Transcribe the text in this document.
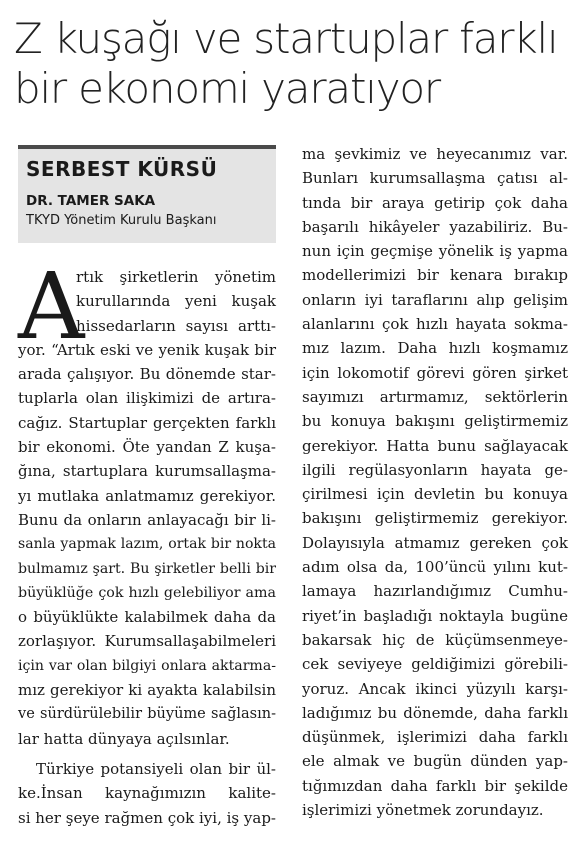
Z kuşağı ve startuplar farklı
bir ekonomi yaratıyor
SERBEST KÜRSÜ
DR. TAMER SAKA
TKYD Yönetim Kurulu Başkanı
A
rtık şirketlerin yönetim
kurullarında yeni kuşak
hissedarların sayısı arttı-
yor. “Artık eski ve yenik kuşak bir
arada çalışıyor. Bu dönemde star-
tuplarla olan ilişkimizi de artıra-
cağız. Startuplar gerçekten farklı
bir ekonomi. Öte yandan Z kuşa-
ğına, startuplara kurumsallaşma-
yı mutlaka anlatmamız gerekiyor.
Bunu da onların anlayacağı bir li-
sanla yapmak lazım, ortak bir nokta
bulmamız şart. Bu şirketler belli bir
büyüklüğe çok hızlı gelebiliyor ama
o büyüklükte kalabilmek daha da
zorlaşıyor. Kurumsallaşabilmeleri
için var olan bilgiyi onlara aktarma-
mız gerekiyor ki ayakta kalabilsin
ve sürdürülebilir büyüme sağlasın-
lar hatta dünyaya açılsınlar.
Türkiye potansiyeli olan bir ül-
ke.İnsan kaynağımızın kalite-
si her şeye rağmen çok iyi, iş yap-
ma şevkimiz ve heyecanımız var.
Bunları kurumsallaşma çatısı al-
tında bir araya getirip çok daha
başarılı hikâyeler yazabiliriz. Bu-
nun için geçmişe yönelik iş yapma
modellerimizi bir kenara bırakıp
onların iyi taraflarını alıp gelişim
alanlarını çok hızlı hayata sokma-
mız lazım. Daha hızlı koşmamız
için lokomotif görevi gören şirket
sayımızı artırmamız, sektörlerin
bu konuya bakışını geliştirmemiz
gerekiyor. Hatta bunu sağlayacak
ilgili regülasyonların hayata ge-
çirilmesi için devletin bu konuya
bakışını geliştirmemiz gerekiyor.
Dolayısıyla atmamız gereken çok
adım olsa da, 100’üncü yılını kut-
lamaya hazırlandığımız Cumhu-
riyet’in başladığı noktayla bugüne
bakarsak hiç de küçümsenmeye-
cek seviyeye geldiğimizi görebili-
yoruz. Ancak ikinci yüzyılı karşı-
ladığımız bu dönemde, daha farklı
düşünmek, işlerimizi daha farklı
ele almak ve bugün dünden yap-
tığımızdan daha farklı bir şekilde
işlerimizi yönetmek zorundayız.
